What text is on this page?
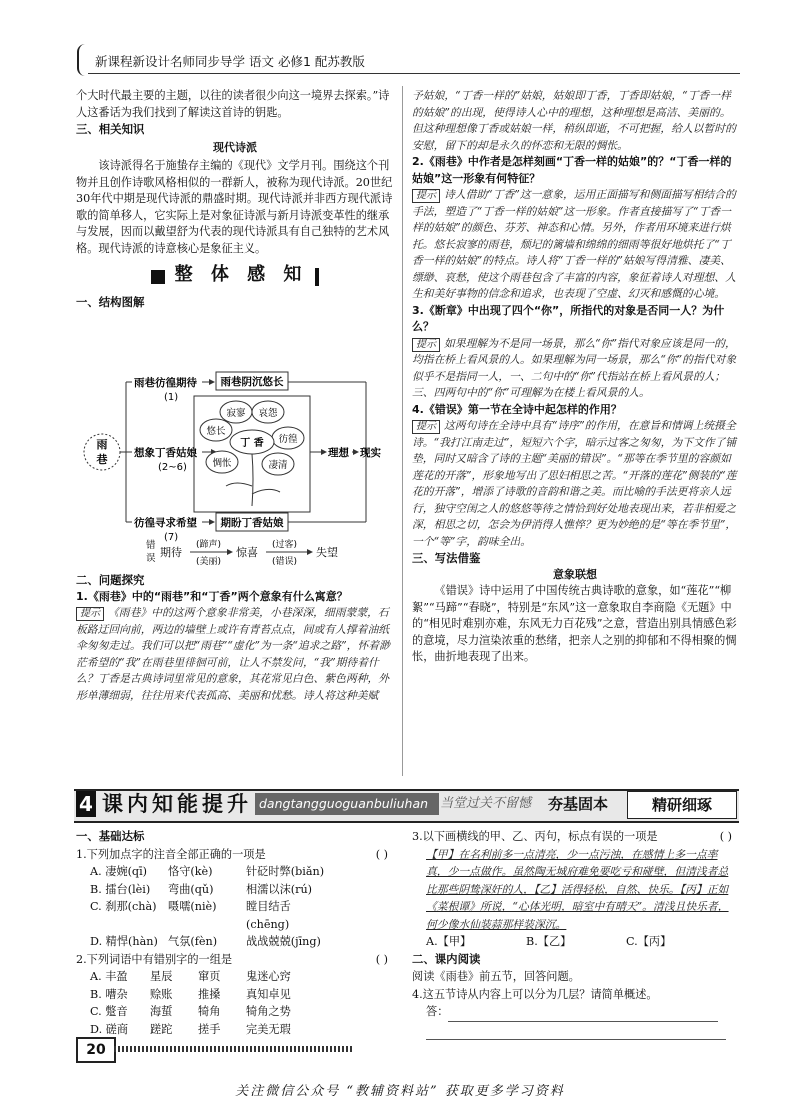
新课程新设计名师同步导学 语文 必修1 配苏教版

个大时代最主要的主题，以往的读者很少向这一境界去探索。”诗人这番话为我们找到了解读这首诗的钥匙。

三、相关知识

现代诗派

该诗派得名于施蛰存主编的《现代》文学月刊。围绕这个刊物并且创作诗歌风格相似的一群新人，被称为现代诗派。20世纪30年代中期是现代诗派的鼎盛时期。现代诗派并非西方现代派诗歌的简单移人，它实际上是对象征诗派与新月诗派变革性的继承与发展，因而以戴望舒为代表的现代诗派具有自己独特的艺术风格。现代诗派的诗意核心是象征主义。

整 体 感 知

一、结构图解

雨
巷
雨巷彷徨期待
(1)
想象丁香姑娘
(2~6)
彷徨寻求希望
(7)
雨巷阴沉悠长
期盼丁香姑娘
寂寥 哀怨
悠长
彷徨
惆怅	凄清
丁 香
理想 现实
错
误 期待
(蹄声)
(美丽)
惊喜
(过客)
(错误)
失望

二、问题探究

1.《雨巷》中的“雨巷”和“丁香”两个意象有什么寓意？

提示 《雨巷》中的这两个意象非常美，小巷深深，细雨蒙蒙，石板路迂回向前，两边的墙壁上或许有青苔点点，间或有人撑着油纸伞匆匆走过。我们可以把“雨巷”“虚化”为一条“追求之路”，怀着渺茫希望的“我”在雨巷里徘徊可前，让人不禁发问，“我”期待着什么？丁香是古典诗词里常见的意象，其花常见白色、紫色两种，外形单薄细弱，往往用来代表孤高、美丽和忧愁。诗人将这种美赋

予姑娘，“丁香一样的”姑娘，姑娘即丁香，丁香即姑娘，“丁香一样的姑娘”的出现，使得诗人心中的理想，这种理想是高洁、美丽的。但这种理想像丁香或姑娘一样，稍纵即逝，不可把握，给人以暂时的安慰，留下的却是永久的怀恋和无限的惆怅。

2.《雨巷》中作者是怎样刻画“丁香一样的姑娘”的？“丁香一样的姑娘”这一形象有何特征？

提示 诗人借助“丁香”这一意象，运用正面描写和侧面描写相结合的手法，塑造了“丁香一样的姑娘”这一形象。作者直接描写了“丁香一样的姑娘”的颜色、芬芳、神态和心情。另外，作者用环境来进行烘托。悠长寂寥的雨巷，颓圮的篱墙和绵绵的细雨等很好地烘托了“丁香一样的姑娘”的特点。诗人将“丁香一样的”姑娘写得清雅、凄美、缥缈、哀愁，使这个雨巷包含了丰富的内容，象征着诗人对理想、人生和美好事物的信念和追求，也表现了空虚、幻灭和感慨的心境。

3.《断章》中出现了四个“你”，所指代的对象是否同一人？为什么？

提示 如果理解为不是同一场景，那么“你”指代对象应该是同一的，均指在桥上看风景的人。如果理解为同一场景，那么“你”的指代对象似乎不是指同一人，一、二句中的“你”代指站在桥上看风景的人；三、四两句中的“你”可理解为在楼上看风景的人。

4.《错误》第一节在全诗中起怎样的作用？

提示 这两句诗在全诗中具有“诗序”的作用，在意旨和情调上统摄全诗。“我打江南走过”，短短六个字，暗示过客之匆匆，为下文作了铺垫，同时又暗含了诗的主题“美丽的错误”。“那等在季节里的容颜如莲花的开落”，形象地写出了思妇相思之苦。“开落的莲花”侧装的“莲花的开落”，增添了诗歌的音韵和谐之美。而比喻的手法更将亲人远行，独守空闺之人的悠悠等待之情恰到好处地表现出来，若非相爱之深，相思之切，怎会为伊消得人憔悴？更为妙绝的是“等在季节里”，一个“等”字，韵味全出。

三、写法借鉴

意象联想

《错误》诗中运用了中国传统古典诗歌的意象，如“莲花”“柳絮”“马蹄”“春晓”，特别是“东风”这一意象取自李商隐《无题》中的“相见时难别亦难，东风无力百花残”之意，营造出别具情感色彩的意境，尽力渲染浓重的愁绪，把亲人之别的抑郁和不得相聚的惆怅，曲折地表现了出来。

4 课内知能提升 dangtangguoguanbuliuhan 当堂过关不留憾 夯基固本	精研细琢

一、基础达标

1.下列加点字的注音全部正确的一项是	( )

A. 凄婉(qī)	恪守(kè)	针砭时弊(biǎn)
B. 擂台(lèi)	弯曲(qǔ)	相濡以沫(rú)
C. 刹那(chà)	嗫嚅(niè)	瞠目结舌(chēng)
D. 精悍(hàn) 气氛(fèn)	战战兢兢(jīng)

2.下列词语中有错别字的一组是	( )

A. 丰盈	星辰	窜页	鬼迷心窍
B. 嘈杂	赊账	推搡	真知卓见
C. 蹩音	海蜇	犄角	犄角之势
D. 磋商	蹉跎	搓手	完美无瑕

3.以下画横线的甲、乙、丙句，标点有误的一项是	( )

【甲】在名利前多一点清亮，少一点污浊，在感情上多一点率真，少一点做作。虽然陶无城府难免要吃亏和碰壁，但清浅者总比那些阴鸷深奸的人，【乙】活得轻松，自然、快乐。【丙】正如《菜根谭》所说，“心体光明，暗室中有晴天”。清浅且快乐者，何少像水仙装蒜那样装深沉。

A.【甲】	B.【乙】	C.【丙】

二、课内阅读

阅读《雨巷》前五节，回答问题。

4.这五节诗从内容上可以分为几层？请简单概述。

答：

20
关注微信公众号 “教辅资料站” 获取更多学习资料
